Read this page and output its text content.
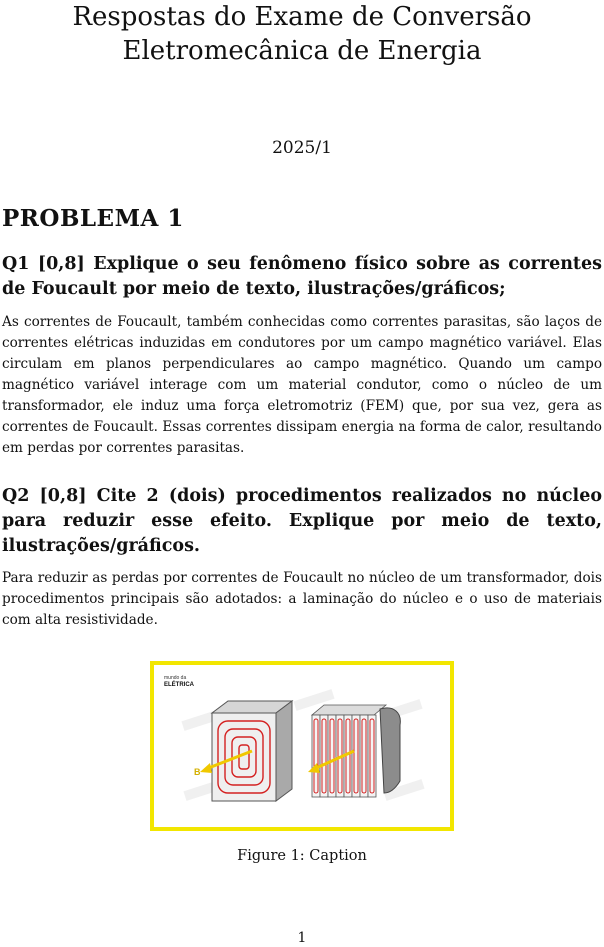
Respostas do Exame de Conversão
Eletromecânica de Energia
2025/1
PROBLEMA 1
Q1 [0,8] Explique o seu fenômeno físico sobre as correntes de Foucault por meio de texto, ilustrações/gráficos;
As correntes de Foucault, também conhecidas como correntes parasitas, são laços de correntes elétricas induzidas em condutores por um campo magnético variável. Elas circulam em planos perpendiculares ao campo magnético. Quando um campo magnético variável interage com um material condutor, como o núcleo de um transformador, ele induz uma força eletromotriz (FEM) que, por sua vez, gera as correntes de Foucault. Essas correntes dissipam energia na forma de calor, resultando em perdas por correntes parasitas.
Q2 [0,8] Cite 2 (dois) procedimentos realizados no núcleo para reduzir esse efeito. Explique por meio de texto, ilustrações/gráficos.
Para reduzir as perdas por correntes de Foucault no núcleo de um transformador, dois procedimentos principais são adotados: a laminação do núcleo e o uso de materiais com alta resistividade.
mundo da
ELÉTRICA
B
Figure 1: Caption
1
